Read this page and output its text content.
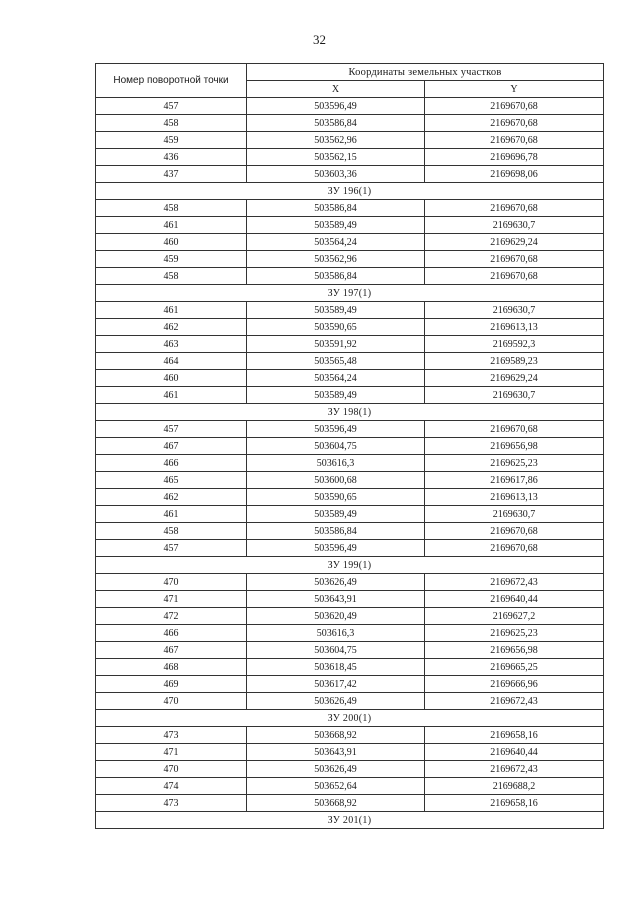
32
Номер поворотной точки	Координаты земельных участков	
	X	Y
457	503596,49	2169670,68
458	503586,84	2169670,68
459	503562,96	2169670,68
436	503562,15	2169696,78
437	503603,36	2169698,06
ЗУ 196(1)		
458	503586,84	2169670,68
461	503589,49	2169630,7
460	503564,24	2169629,24
459	503562,96	2169670,68
458	503586,84	2169670,68
ЗУ 197(1)		
461	503589,49	2169630,7
462	503590,65	2169613,13
463	503591,92	2169592,3
464	503565,48	2169589,23
460	503564,24	2169629,24
461	503589,49	2169630,7
ЗУ 198(1)		
457	503596,49	2169670,68
467	503604,75	2169656,98
466	503616,3	2169625,23
465	503600,68	2169617,86
462	503590,65	2169613,13
461	503589,49	2169630,7
458	503586,84	2169670,68
457	503596,49	2169670,68
ЗУ 199(1)		
470	503626,49	2169672,43
471	503643,91	2169640,44
472	503620,49	2169627,2
466	503616,3	2169625,23
467	503604,75	2169656,98
468	503618,45	2169665,25
469	503617,42	2169666,96
470	503626,49	2169672,43
ЗУ 200(1)		
473	503668,92	2169658,16
471	503643,91	2169640,44
470	503626,49	2169672,43
474	503652,64	2169688,2
473	503668,92	2169658,16
ЗУ 201(1)		
